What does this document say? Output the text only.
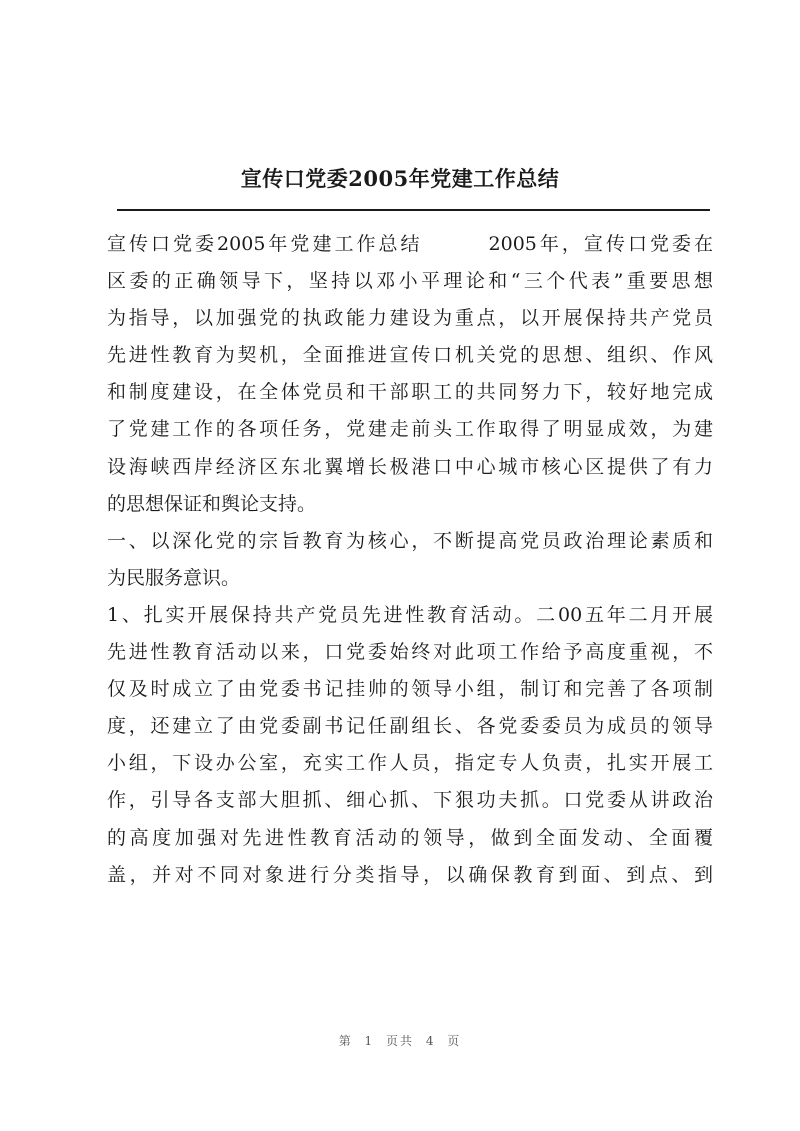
宣传口党委2005年党建工作总结
宣传口党委2005年党建工作总结　　　2005年，宣传口党委在
区委的正确领导下，坚持以邓小平理论和“三个代表”重要思想
为指导，以加强党的执政能力建设为重点，以开展保持共产党员
先进性教育为契机，全面推进宣传口机关党的思想、组织、作风
和制度建设，在全体党员和干部职工的共同努力下，较好地完成
了党建工作的各项任务，党建走前头工作取得了明显成效，为建
设海峡西岸经济区东北翼增长极港口中心城市核心区提供了有力
的思想保证和舆论支持。
一、以深化党的宗旨教育为核心，不断提高党员政治理论素质和
为民服务意识。
1、扎实开展保持共产党员先进性教育活动。二00五年二月开展
先进性教育活动以来，口党委始终对此项工作给予高度重视，不
仅及时成立了由党委书记挂帅的领导小组，制订和完善了各项制
度，还建立了由党委副书记任副组长、各党委委员为成员的领导
小组，下设办公室，充实工作人员，指定专人负责，扎实开展工
作，引导各支部大胆抓、细心抓、下狠功夫抓。口党委从讲政治
的高度加强对先进性教育活动的领导，做到全面发动、全面覆
盖，并对不同对象进行分类指导，以确保教育到面、到点、到
第 1 页共 4 页
